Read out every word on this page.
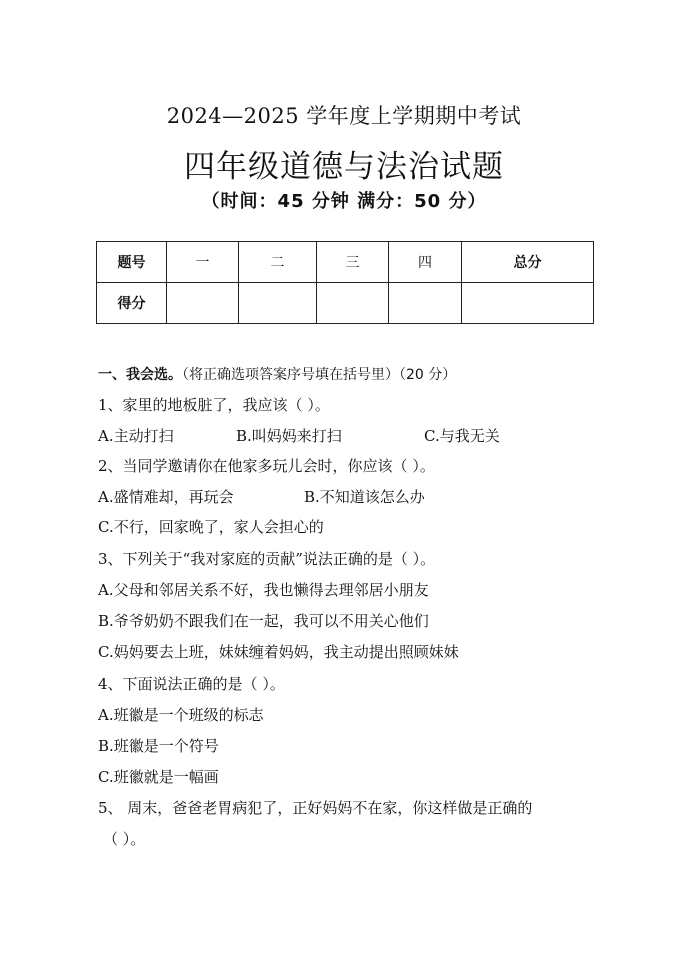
2024—2025 学年度上学期期中考试
四年级道德与法治试题
（时间：45 分钟 满分：50 分）
题号	一	二	三	四	总分
得分					
一、我会选。（将正确选项答案序号填在括号里）（20 分）
1、家里的地板脏了，我应该（ ）。
A.主动打扫	B.叫妈妈来打扫	C.与我无关
2、当同学邀请你在他家多玩儿会时，你应该（ ）。
A.盛情难却，再玩会	B.不知道该怎么办
C.不行，回家晚了，家人会担心的
3、下列关于“我对家庭的贡献”说法正确的是（ ）。
A.父母和邻居关系不好，我也懒得去理邻居小朋友
B.爷爷奶奶不跟我们在一起，我可以不用关心他们
C.妈妈要去上班，妹妹缠着妈妈，我主动提出照顾妹妹
4、下面说法正确的是（ ）。
A.班徽是一个班级的标志
B.班徽是一个符号
C.班徽就是一幅画
5、 周末，爸爸老胃病犯了，正好妈妈不在家，你这样做是正确的
（ ）。
